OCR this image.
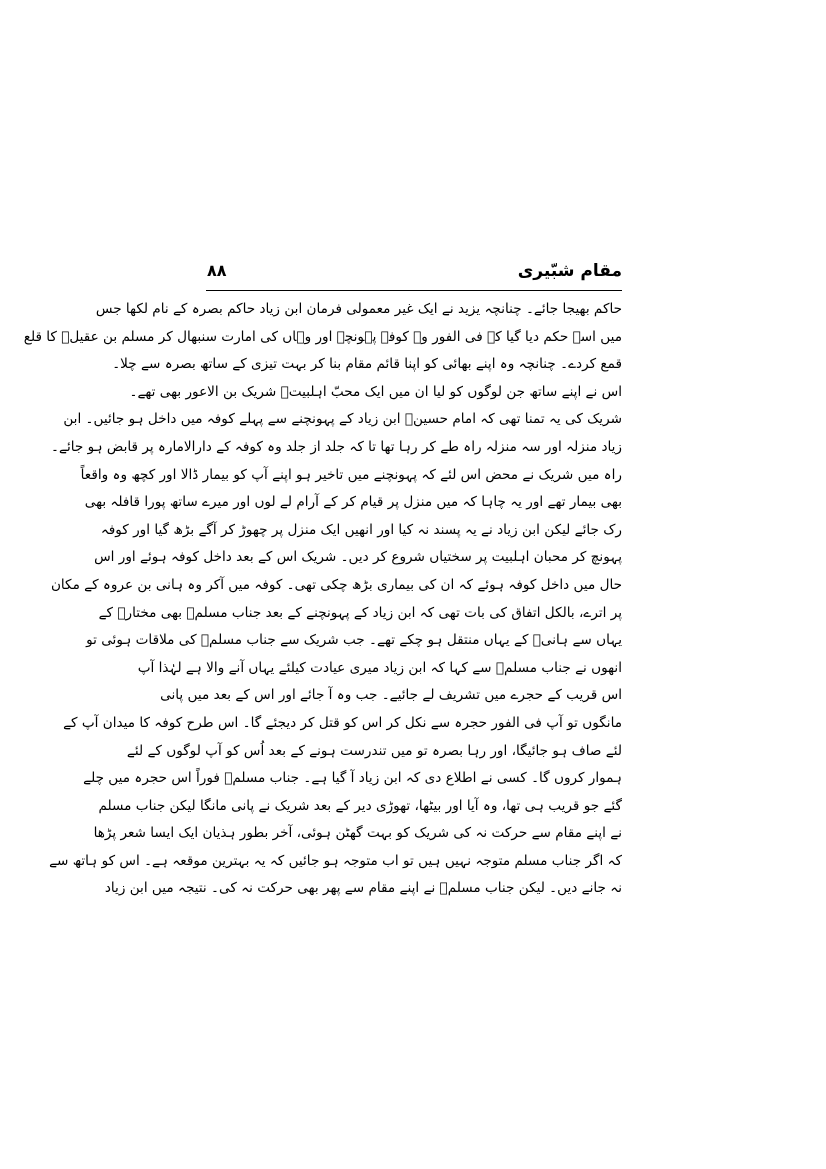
مقام شبّیری
۸۸
حاکم بھیجا جائے۔ چنانچہ یزید نے ایک غیر معمولی فرمان ابن زیاد حاکم بصرہ کے نام لکھا جس
میں اسے حکم دیا گیا کہ فی الفور وہ کوفہ پہونچے اور وہاں کی امارت سنبھال کر مسلم بن عقیلؑ کا قلع
قمع کردے۔ چنانچہ وہ اپنے بھائی کو اپنا قائم مقام بنا کر بہت تیزی کے ساتھ بصرہ سے چلا۔
اس نے اپنے ساتھ جن لوگوں کو لیا ان میں ایک محبّ اہلبیتؑ شریک بن الاعور بھی تھے۔
شریک کی یہ تمنا تھی کہ امام حسینؑ ابن زیاد کے پہونچنے سے پہلے کوفہ میں داخل ہو جائیں۔ ابن
زیاد منزلہ اور سہ منزلہ راہ طے کر رہا تھا تا کہ جلد از جلد وہ کوفہ کے دارالامارہ پر قابض ہو جائے۔
راہ میں شریک نے محض اس لئے کہ پہونچنے میں تاخیر ہو اپنے آپ کو بیمار ڈالا اور کچھ وہ واقعاً
بھی بیمار تھے اور یہ چاہا کہ میں منزل پر قیام کر کے آرام لے لوں اور میرے ساتھ پورا قافلہ بھی
رک جائے لیکن ابن زیاد نے یہ پسند نہ کیا اور انھیں ایک منزل پر چھوڑ کر آگے بڑھ گیا اور کوفہ
پہونچ کر محبان اہلبیت پر سختیاں شروع کر دیں۔ شریک اس کے بعد داخل کوفہ ہوئے اور اس
حال میں داخل کوفہ ہوئے کہ ان کی بیماری بڑھ چکی تھی۔ کوفہ میں آکر وہ ہانی بن عروہ کے مکان
پر اترے، بالکل اتفاق کی بات تھی کہ ابن زیاد کے پہونچنے کے بعد جناب مسلمؑ بھی مختارؓ کے
یہاں سے ہانیؒ کے یہاں منتقل ہو چکے تھے۔ جب شریک سے جناب مسلمؑ کی ملاقات ہوئی تو
انھوں نے جناب مسلمؑ سے کہا کہ ابن زیاد میری عیادت کیلئے یہاں آنے والا ہے لہٰذا آپ
اس قریب کے حجرے میں تشریف لے جائیے۔ جب وہ آ جائے اور اس کے بعد میں پانی
مانگوں تو آپ فی الفور حجرہ سے نکل کر اس کو قتل کر دیجئے گا۔ اس طرح کوفہ کا میدان آپ کے
لئے صاف ہو جائیگا، اور رہا بصرہ تو میں تندرست ہونے کے بعد اُس کو آپ لوگوں کے لئے
ہموار کروں گا۔ کسی نے اطلاع دی کہ ابن زیاد آ گیا ہے۔ جناب مسلمؑ فوراً اس حجرہ میں چلے
گئے جو قریب ہی تھا، وہ آیا اور بیٹھا، تھوڑی دیر کے بعد شریک نے پانی مانگا لیکن جناب مسلم
نے اپنے مقام سے حرکت نہ کی شریک کو بہت گھٹن ہوئی، آخر بطور ہذیان ایک ایسا شعر پڑھا
کہ اگر جناب مسلم متوجہ نہیں ہیں تو اب متوجہ ہو جائیں کہ یہ بہترین موقعہ ہے۔ اس کو ہاتھ سے
نہ جانے دیں۔ لیکن جناب مسلمؑ نے اپنے مقام سے پھر بھی حرکت نہ کی۔ نتیجہ میں ابن زیاد
